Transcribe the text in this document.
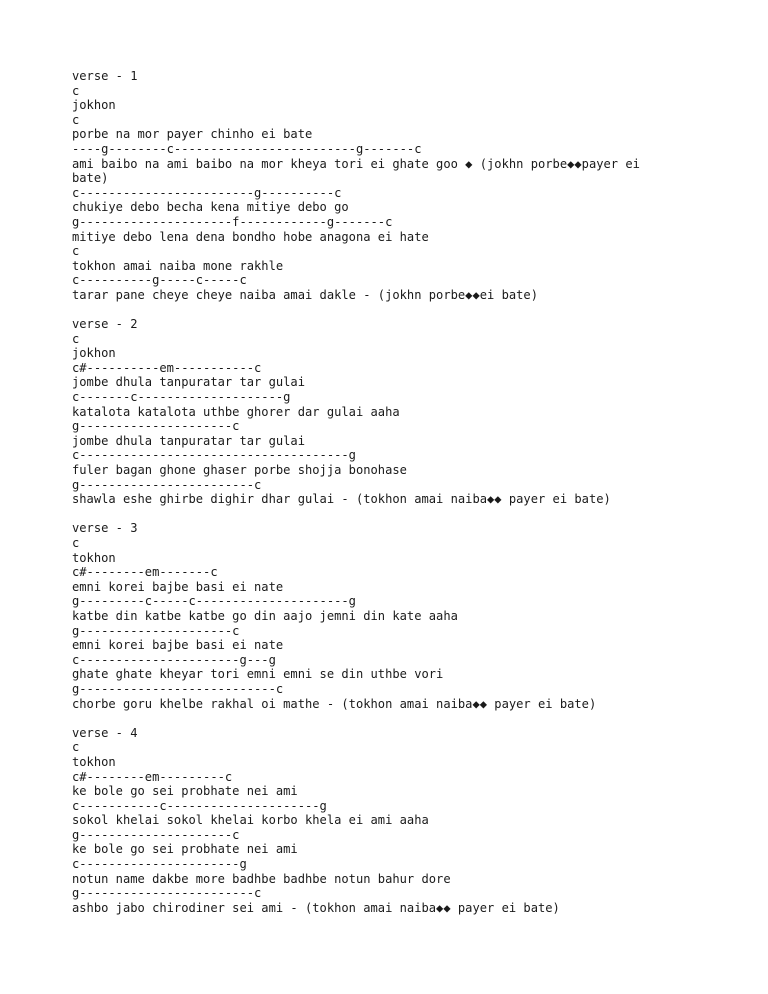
verse - 1
c
jokhon
c
porbe na mor payer chinho ei bate
----g--------c-------------------------g-------c
ami baibo na ami baibo na mor kheya tori ei ghate goo ◆ (jokhn porbe◆◆payer ei bate)
c------------------------g----------c
chukiye debo becha kena mitiye debo go
g---------------------f------------g-------c
mitiye debo lena dena bondho hobe anagona ei hate
c
tokhon amai naiba mone rakhle
c----------g-----c-----c
tarar pane cheye cheye naiba amai dakle - (jokhn porbe◆◆ei bate)
verse - 2
c
jokhon
c#----------em-----------c
jombe dhula tanpuratar tar gulai
c-------c--------------------g
katalota katalota uthbe ghorer dar gulai aaha
g---------------------c
jombe dhula tanpuratar tar gulai
c-------------------------------------g
fuler bagan ghone ghaser porbe shojja bonohase
g------------------------c
shawla eshe ghirbe dighir dhar gulai - (tokhon amai naiba◆◆ payer ei bate)
verse - 3
c
tokhon
c#--------em-------c
emni korei bajbe basi ei nate
g---------c-----c---------------------g
katbe din katbe katbe go din aajo jemni din kate aaha
g---------------------c
emni korei bajbe basi ei nate
c----------------------g---g
ghate ghate kheyar tori emni emni se din uthbe vori
g---------------------------c
chorbe goru khelbe rakhal oi mathe - (tokhon amai naiba◆◆ payer ei bate)
verse - 4
c
tokhon
c#--------em---------c
ke bole go sei probhate nei ami
c-----------c---------------------g
sokol khelai sokol khelai korbo khela ei ami aaha
g---------------------c
ke bole go sei probhate nei ami
c----------------------g
notun name dakbe more badhbe badhbe notun bahur dore
g------------------------c
ashbo jabo chirodiner sei ami - (tokhon amai naiba◆◆ payer ei bate)
